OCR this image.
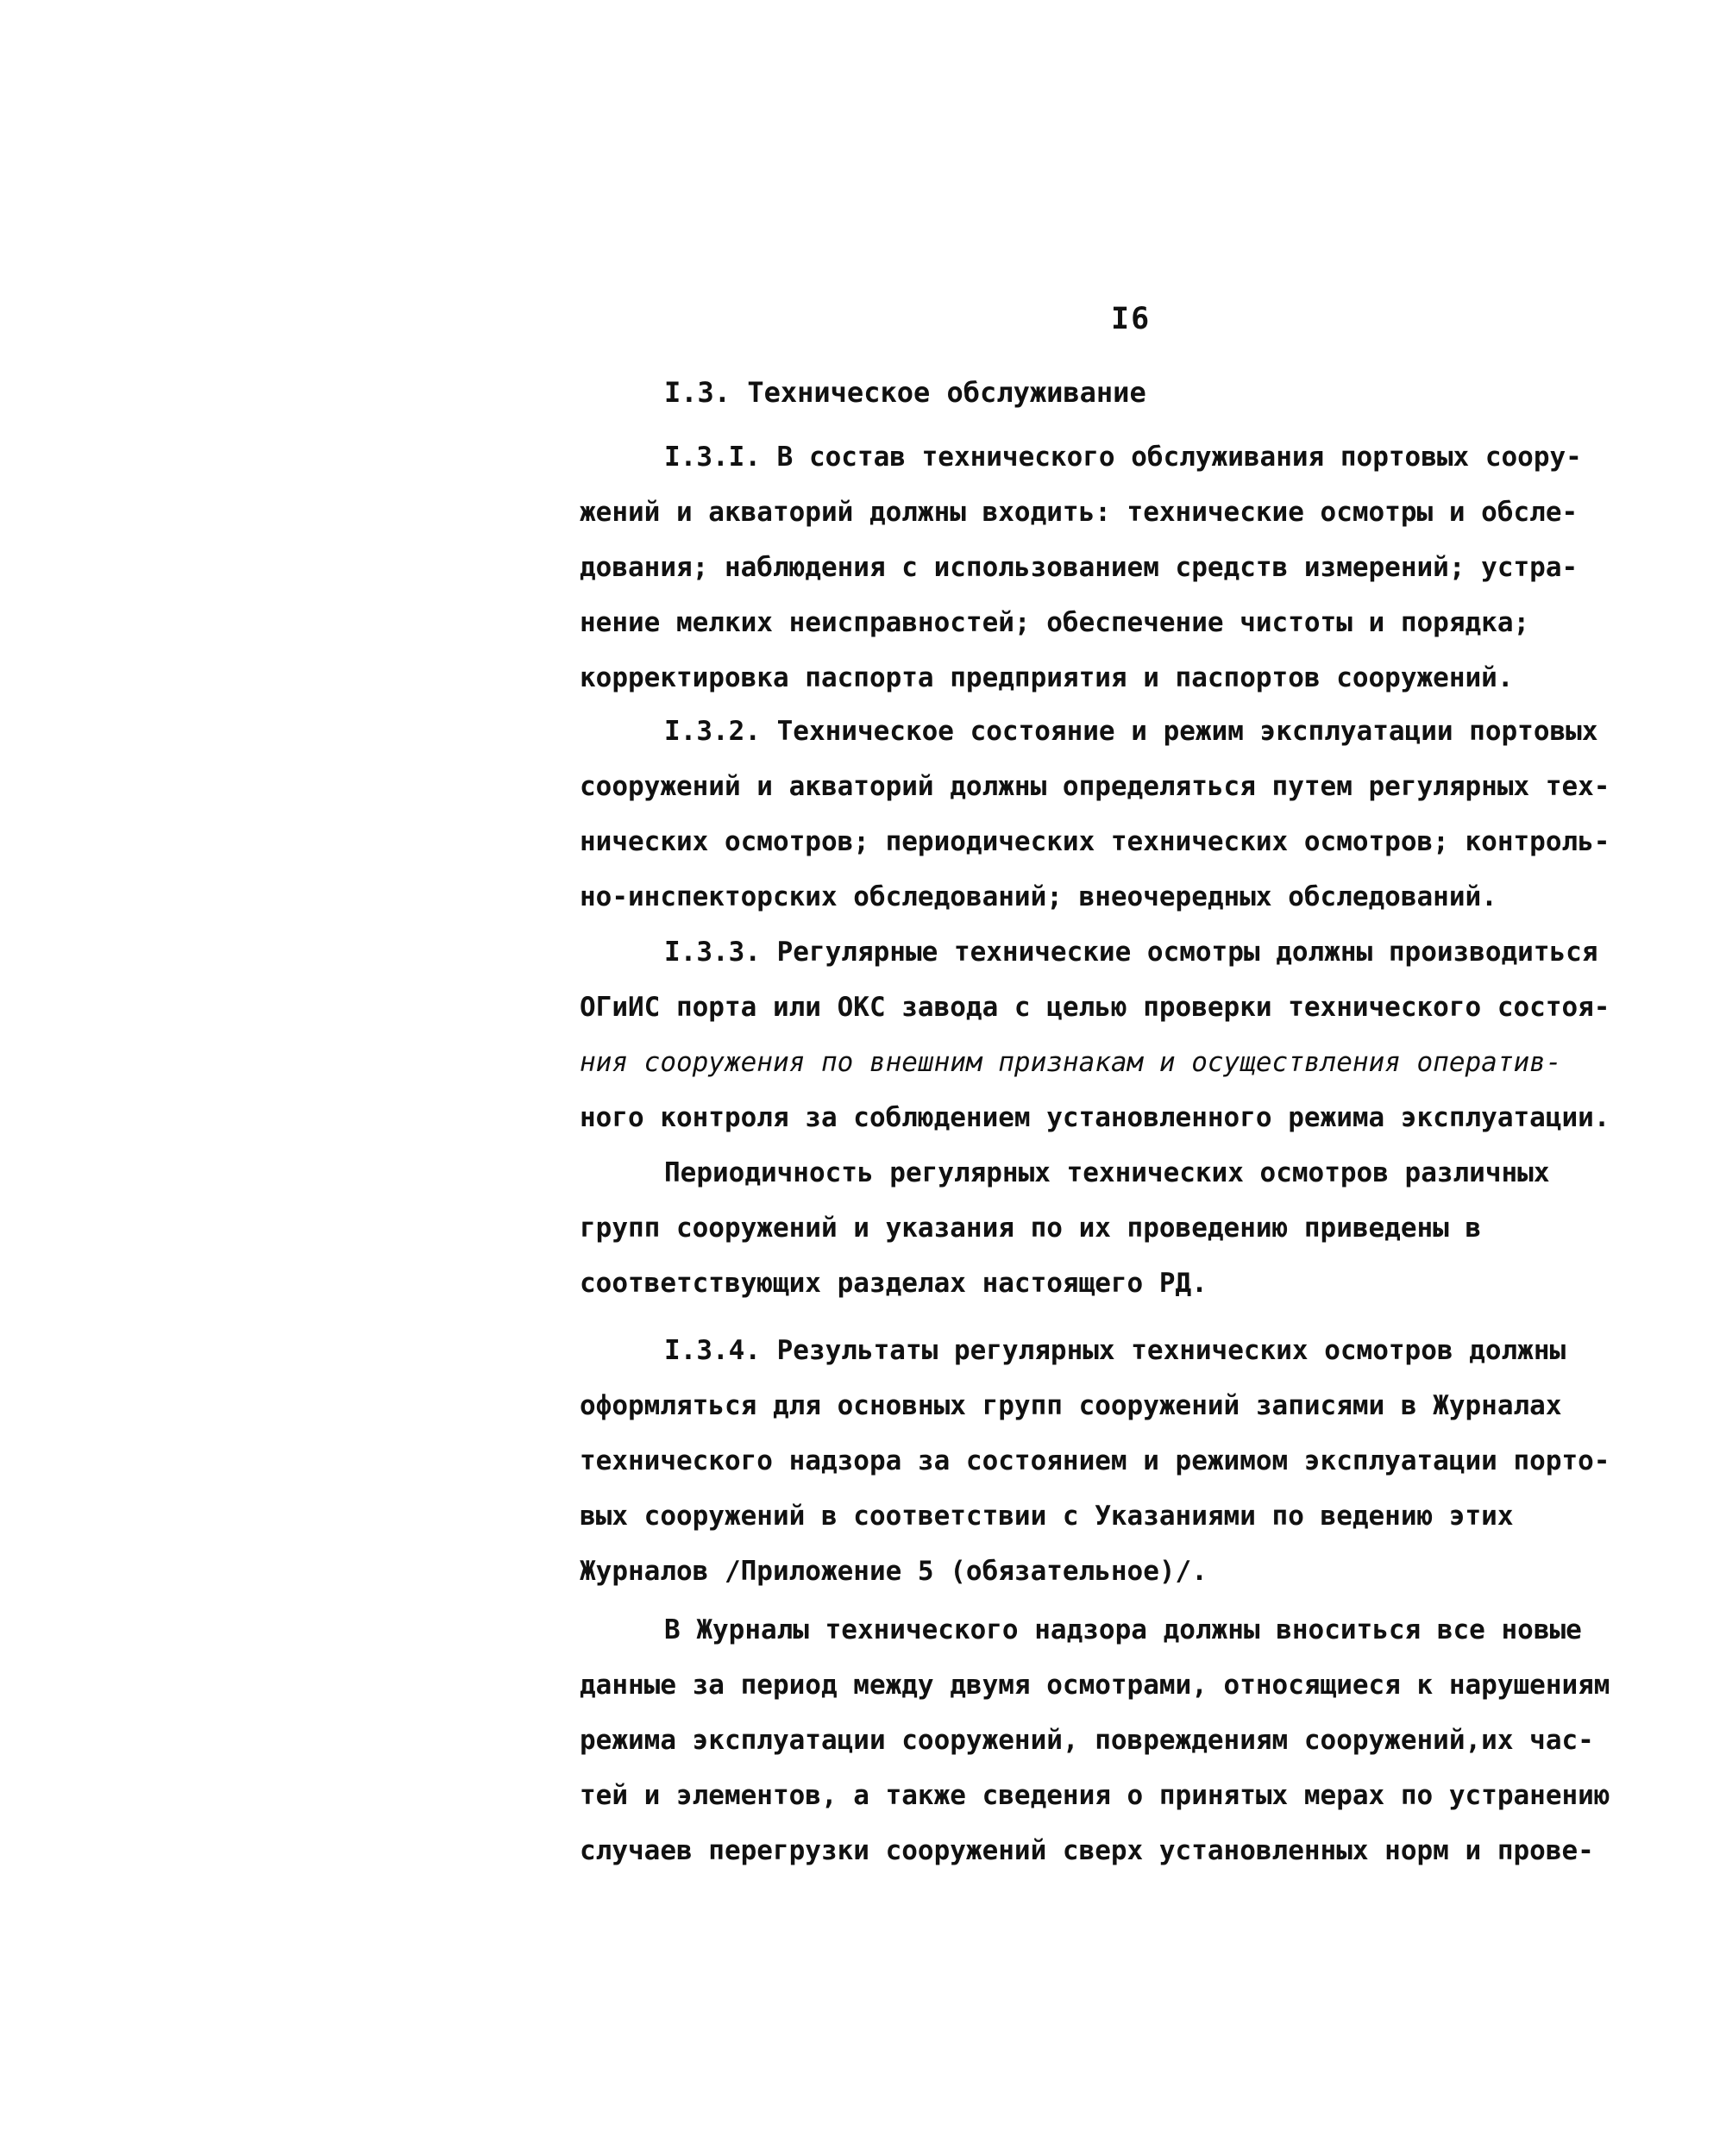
I6
I.3. Техническое обслуживание
I.3.I. В состав технического обслуживания портовых соору-
жений и акваторий должны входить: технические осмотры и обсле-
дования; наблюдения с использованием средств измерений; устра-
нение мелких неисправностей; обеспечение чистоты и порядка;
корректировка паспорта предприятия и паспортов сооружений.
I.3.2. Техническое состояние и режим эксплуатации портовых
сооружений и акваторий должны определяться путем регулярных тех-
нических осмотров; периодических технических осмотров; контроль-
но-инспекторских обследований; внеочередных обследований.
I.3.3. Регулярные технические осмотры должны производиться
ОГиИС порта или ОКС завода с целью проверки технического состоя-
ния сооружения по внешним признакам и осуществления оператив-
ного контроля за соблюдением установленного режима эксплуатации.
Периодичность регулярных технических осмотров различных
групп сооружений и указания по их проведению приведены в
соответствующих разделах настоящего РД.
I.3.4. Результаты регулярных технических осмотров должны
оформляться для основных групп сооружений записями в Журналах
технического надзора за состоянием и режимом эксплуатации порто-
вых сооружений в соответствии с Указаниями по ведению этих
Журналов /Приложение 5 (обязательное)/.
В Журналы технического надзора должны вноситься все новые
данные за период между двумя осмотрами, относящиеся к нарушениям
режима эксплуатации сооружений, повреждениям сооружений,их час-
тей и элементов, а также сведения о принятых мерах по устранению
случаев перегрузки сооружений сверх установленных норм и прове-
